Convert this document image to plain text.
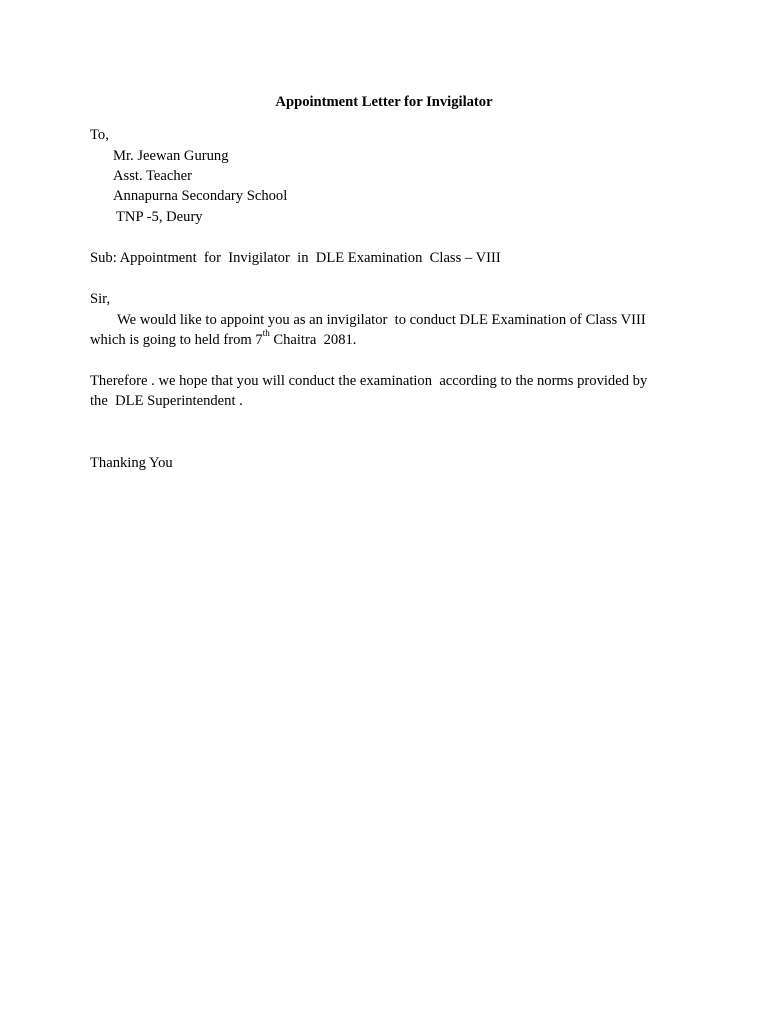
Appointment Letter for Invigilator
To,
Mr. Jeewan Gurung
Asst. Teacher
Annapurna Secondary School
TNP -5, Deury
Sub: Appointment  for  Invigilator  in  DLE Examination  Class – VIII
Sir,
We would like to appoint you as an invigilator  to conduct DLE Examination of Class VIII
which is going to held from 7th Chaitra  2081.
Therefore . we hope that you will conduct the examination  according to the norms provided by
the  DLE Superintendent .
Thanking You
